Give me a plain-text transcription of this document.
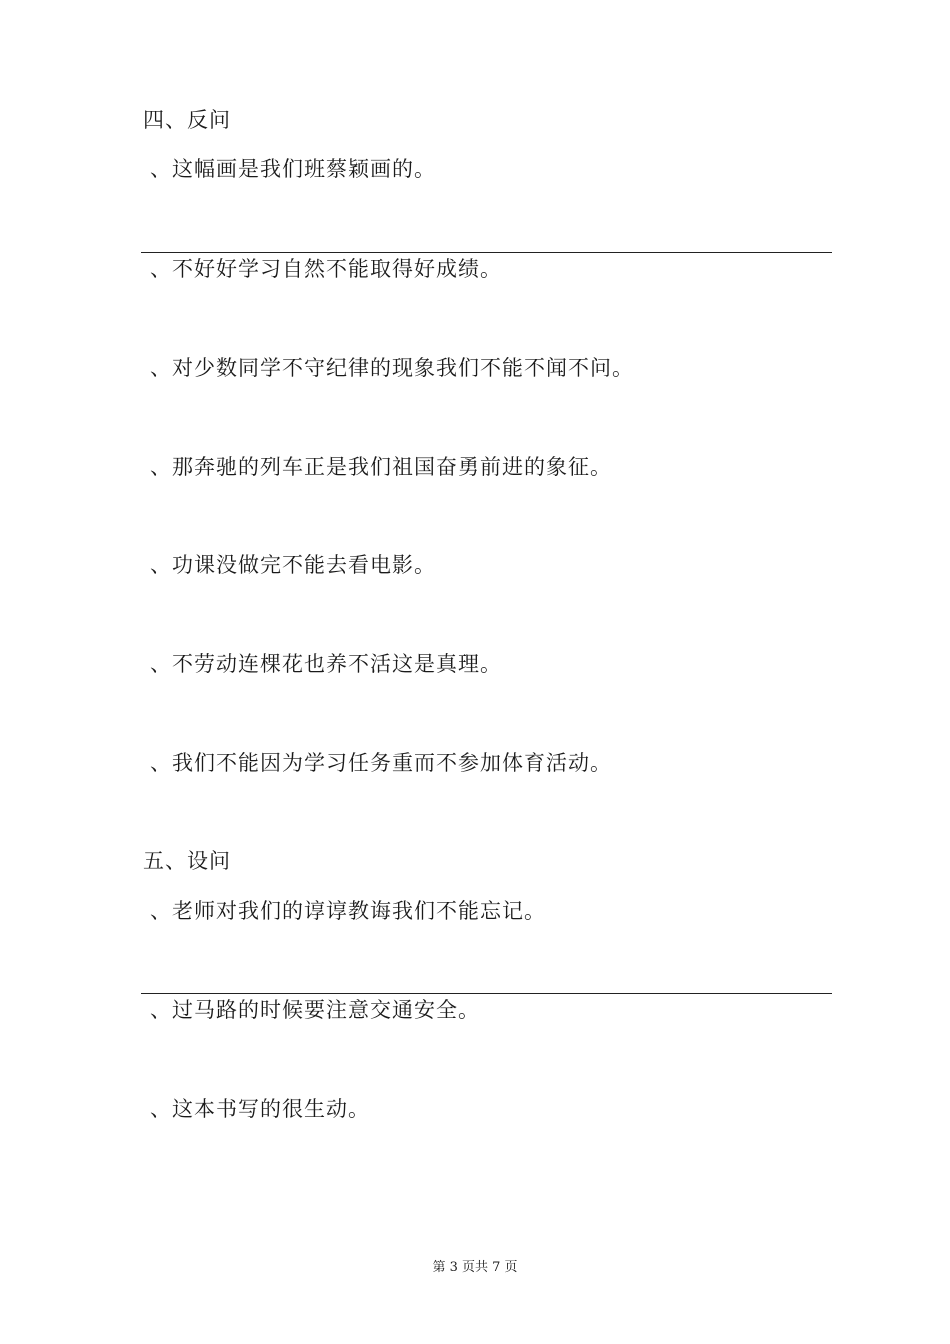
四、反问
、这幅画是我们班蔡颖画的。
、不好好学习自然不能取得好成绩。
、对少数同学不守纪律的现象我们不能不闻不问。
、那奔驰的列车正是我们祖国奋勇前进的象征。
、功课没做完不能去看电影。
、不劳动连棵花也养不活这是真理。
、我们不能因为学习任务重而不参加体育活动。
五、设问
、老师对我们的谆谆教诲我们不能忘记。
、过马路的时候要注意交通安全。
、这本书写的很生动。
第 3 页共 7 页
